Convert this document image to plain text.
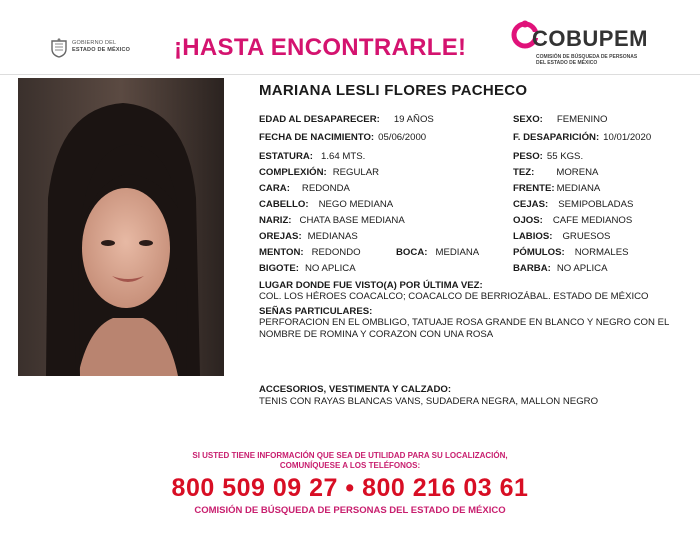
GOBIERNO DEL
ESTADO DE MÉXICO ¡HASTA ENCONTRARLE!	COBUPEM
COMISIÓN DE BÚSQUEDA DE PERSONAS
DEL ESTADO DE MÉXICO
MARIANA LESLI FLORES PACHECO
EDAD AL DESAPARECER: 19 AÑOS
FECHA DE NACIMIENTO: 05/06/2000
ESTATURA: 1.64 MTS.
COMPLEXIÓN: REGULAR
CARA: REDONDA
CABELLO: NEGO MEDIANA
NARIZ: CHATA BASE MEDIANA
OREJAS: MEDIANAS
MENTON: REDONDO	BOCA: MEDIANA
BIGOTE: NO APLICA
SEXO: FEMENINO
F. DESAPARICIÓN: 10/01/2020
PESO: 55 KGS.
TEZ: MORENA
FRENTE: MEDIANA
CEJAS: SEMIPOBLADAS
OJOS: CAFE MEDIANOS
LABIOS: GRUESOS
PÓMULOS: NORMALES
BARBA: NO APLICA
LUGAR DONDE FUE VISTO(A) POR ÚLTIMA VEZ:
COL. LOS HÉROES COACALCO; COACALCO DE BERRIOZÁBAL. ESTADO DE MÉXICO
SEÑAS PARTICULARES:
PERFORACION EN EL OMBLIGO, TATUAJE ROSA GRANDE EN BLANCO Y NEGRO CON EL
NOMBRE DE ROMINA Y CORAZON CON UNA ROSA
ACCESORIOS, VESTIMENTA Y CALZADO:
TENIS CON RAYAS BLANCAS VANS, SUDADERA NEGRA, MALLON NEGRO
SI USTED TIENE INFORMACIÓN QUE SEA DE UTILIDAD PARA SU LOCALIZACIÓN,
COMUNÍQUESE A LOS TELÉFONOS:
800 509 09 27 • 800 216 03 61
COMISIÓN DE BÚSQUEDA DE PERSONAS DEL ESTADO DE MÉXICO
